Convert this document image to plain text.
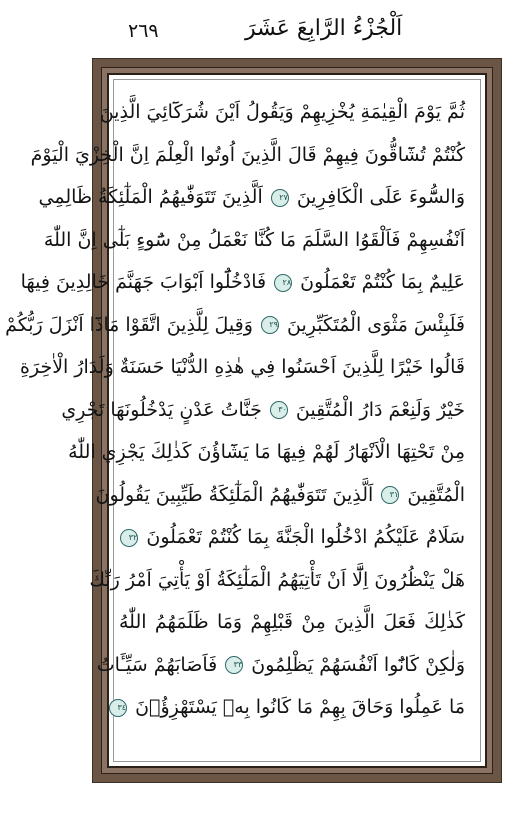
اَلْجُزْءُ الرَّابِعَ عَشَرَ
٢٦٩
ثُمَّ يَوْمَ الْقِيٰمَةِ يُخْزِيهِمْ وَيَقُولُ اَيْنَ شُرَكَٓائِيَ الَّذِينَ
كُنْتُمْ تُشَٓاقُّونَ فِيهِمْ قَالَ الَّذِينَ اُوتُوا الْعِلْمَ اِنَّ الْخِزْيَ الْيَوْمَ
وَالسُّٓوءَ عَلَى الْكَافِرِينَ ٢٧ اَلَّذِينَ تَتَوَفّٰيهُمُ الْمَلٰٓئِكَةُ ظَالِمِي
اَنْفُسِهِمْ فَاَلْقَوُا السَّلَمَ مَا كُنَّا نَعْمَلُ مِنْ سُٓوءٍ بَلٰٓى اِنَّ اللّٰهَ
عَلِيمٌ بِمَا كُنْتُمْ تَعْمَلُونَ ٢٨ فَادْخُلُٓوا اَبْوَابَ جَهَنَّمَ خَالِدِينَ فِيهَا
فَلَبِئْسَ مَثْوَى الْمُتَكَبِّرِينَ ٢٩ وَقِيلَ لِلَّذِينَ اتَّقَوْا مَاذَٓا اَنْزَلَ رَبُّكُمْ
قَالُوا خَيْرًا لِلَّذِينَ اَحْسَنُوا فِي هٰذِهِ الدُّنْيَا حَسَنَةٌ وَلَدَارُ الْاٰخِرَةِ
خَيْرٌ وَلَنِعْمَ دَارُ الْمُتَّقِينَ ٣٠ جَنَّاتُ عَدْنٍ يَدْخُلُونَهَا تَجْرِي
مِنْ تَحْتِهَا الْاَنْهَارُ لَهُمْ فِيهَا مَا يَشَٓاؤُنَ كَذٰلِكَ يَجْزِي اللّٰهُ
الْمُتَّقِينَ ٣١ اَلَّذِينَ تَتَوَفّٰيهُمُ الْمَلٰٓئِكَةُ طَيِّبِينَ يَقُولُونَ
سَلَامٌ عَلَيْكُمُ ادْخُلُوا الْجَنَّةَ بِمَا كُنْتُمْ تَعْمَلُونَ ٣٢
هَلْ يَنْظُرُونَ اِلَّٓا اَنْ تَأْتِيَهُمُ الْمَلٰٓئِكَةُ اَوْ يَأْتِيَ اَمْرُ رَبِّكَ
كَذٰلِكَ فَعَلَ الَّذِينَ مِنْ قَبْلِهِمْ وَمَا ظَلَمَهُمُ اللّٰهُ
وَلٰكِنْ كَانُٓوا اَنْفُسَهُمْ يَظْلِمُونَ ٣٣ فَاَصَابَهُمْ سَيِّـَٔاتُ
مَا عَمِلُوا وَحَاقَ بِهِمْ مَا كَانُوا بِهٖ يَسْتَهْزِؤُ۫نَ ٣٤
